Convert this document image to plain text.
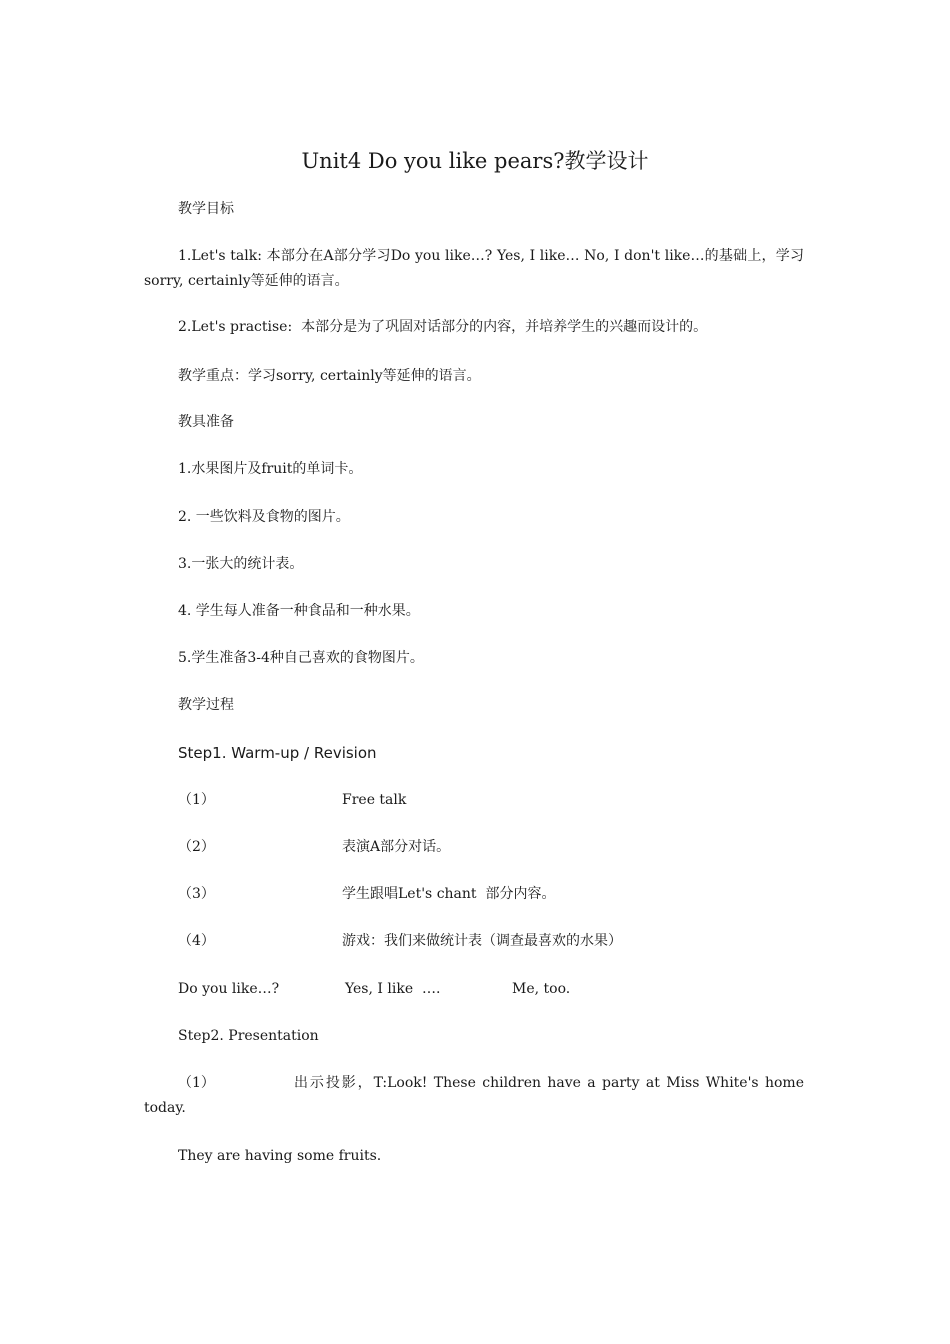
Unit4 Do you like pears?教学设计
教学目标
1.Let's talk: 本部分在A部分学习Do you like…? Yes, I like… No, I don't like…的基础上，学习sorry, certainly等延伸的语言。
2.Let's practise:  本部分是为了巩固对话部分的内容，并培养学生的兴趣而设计的。
教学重点：学习sorry, certainly等延伸的语言。
教具准备
1.水果图片及fruit的单词卡。
2. 一些饮料及食物的图片。
3.一张大的统计表。
4. 学生每人准备一种食品和一种水果。
5.学生准备3-4种自己喜欢的食物图片。
教学过程
Step1. Warm-up / Revision
（1）	Free talk
（2）	表演A部分对话。
（3）	学生跟唱Let's chant  部分内容。
（4）	游戏：我们来做统计表（调查最喜欢的水果）
Do you like…?	Yes, I like  ….	Me, too.
Step2. Presentation
（1）	出示投影，T:Look! These children have a party at Miss White's home today.
They are having some fruits.
